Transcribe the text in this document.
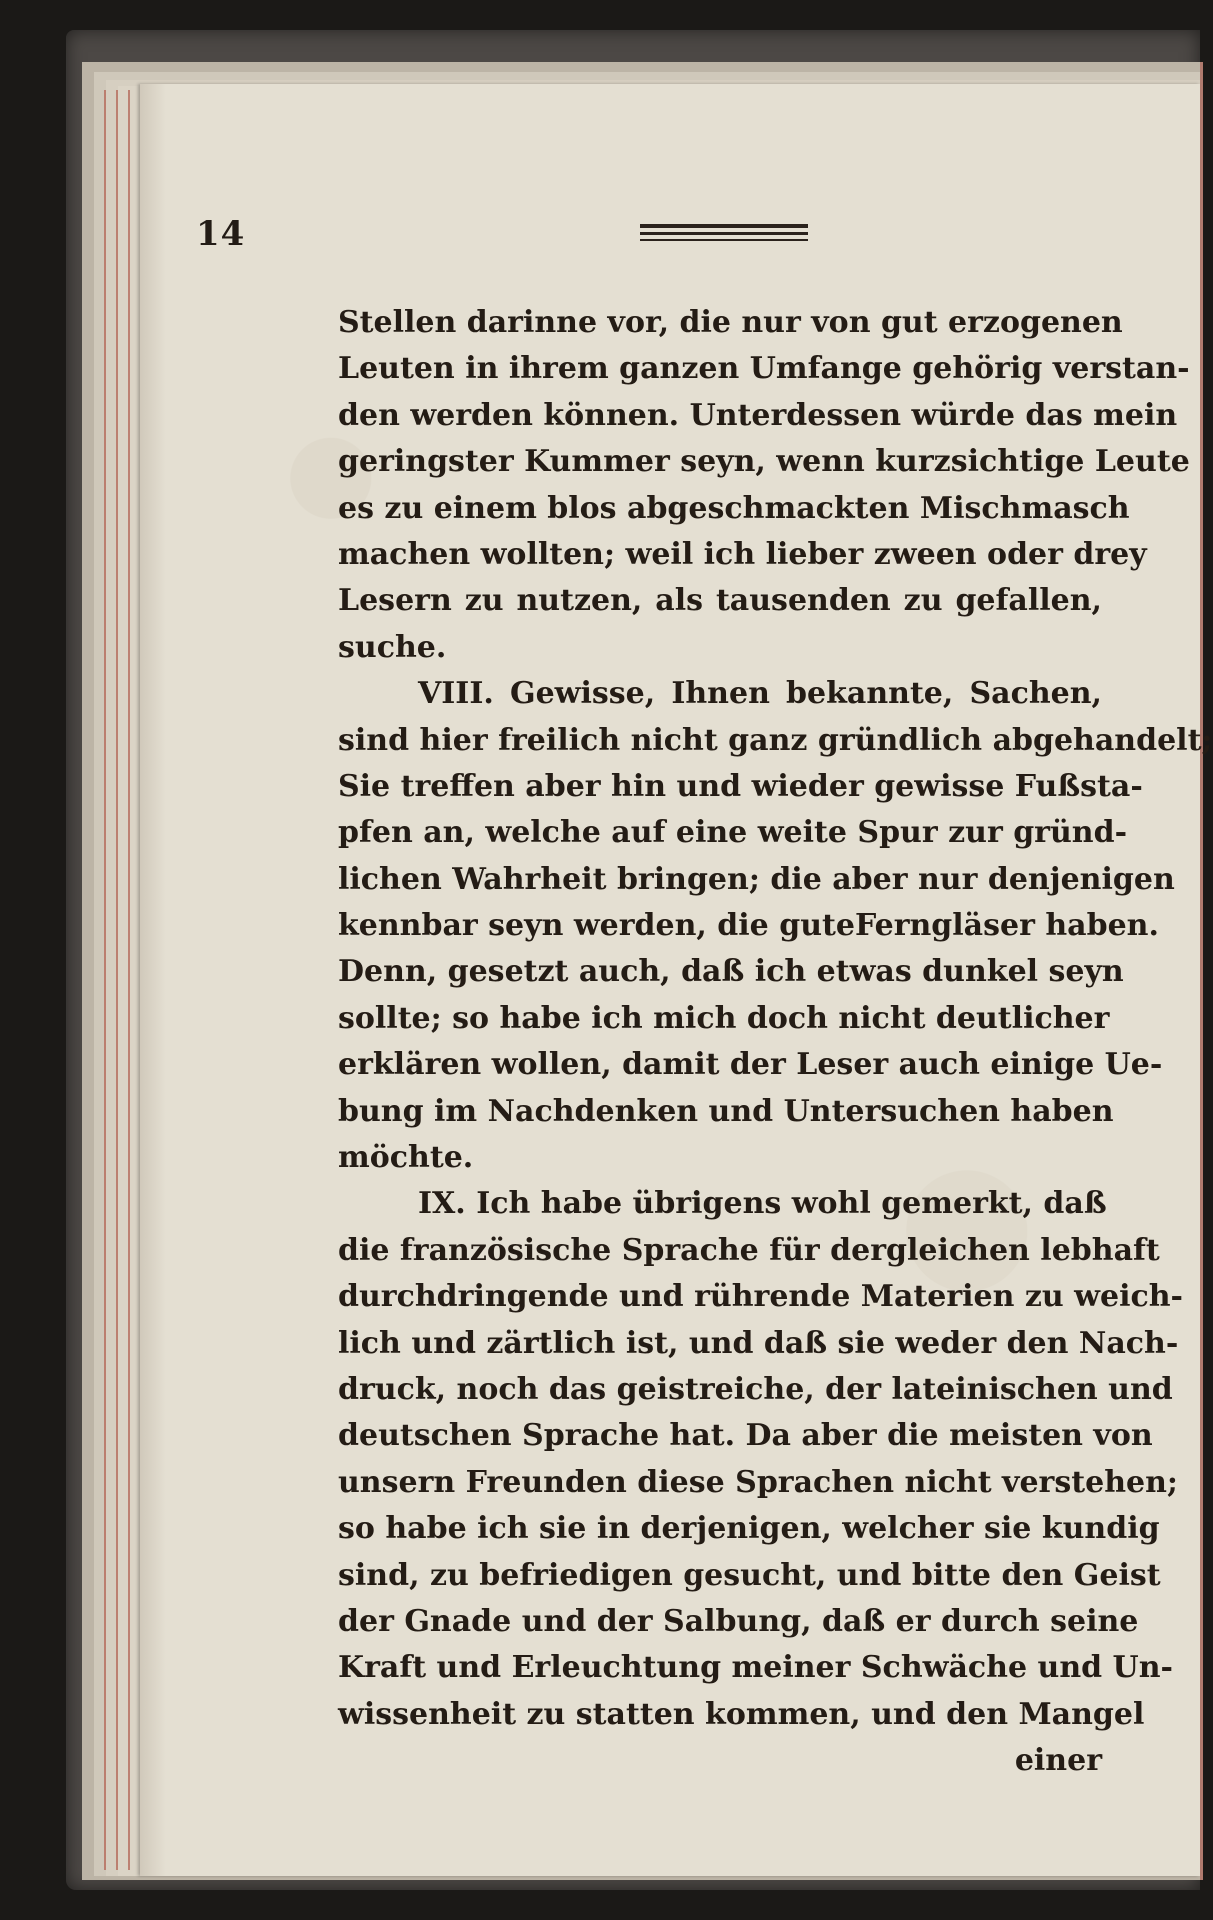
14
Stellen darinne vor, die nur von gut erzogenen
Leuten in ihrem ganzen Umfange gehörig verstan-
den werden können. Unterdessen würde das mein
geringster Kummer seyn, wenn kurzsichtige Leute
es zu einem blos abgeschmackten Mischmasch
machen wollten; weil ich lieber zween oder drey
Lesern zu nutzen, als tausenden zu gefallen,
suche.
VIII. Gewisse, Ihnen bekannte, Sachen,
sind hier freilich nicht ganz gründlich abgehandelt;
Sie treffen aber hin und wieder gewisse Fußsta-
pfen an, welche auf eine weite Spur zur gründ-
lichen Wahrheit bringen; die aber nur denjenigen
kennbar seyn werden, die guteFerngläser haben.
Denn, gesetzt auch, daß ich etwas dunkel seyn
sollte; so habe ich mich doch nicht deutlicher
erklären wollen, damit der Leser auch einige Ue-
bung im Nachdenken und Untersuchen haben
möchte.
IX. Ich habe übrigens wohl gemerkt, daß
die französische Sprache für dergleichen lebhaft
durchdringende und rührende Materien zu weich-
lich und zärtlich ist, und daß sie weder den Nach-
druck, noch das geistreiche, der lateinischen und
deutschen Sprache hat. Da aber die meisten von
unsern Freunden diese Sprachen nicht verstehen;
so habe ich sie in derjenigen, welcher sie kundig
sind, zu befriedigen gesucht, und bitte den Geist
der Gnade und der Salbung, daß er durch seine
Kraft und Erleuchtung meiner Schwäche und Un-
wissenheit zu statten kommen, und den Mangel
einer
